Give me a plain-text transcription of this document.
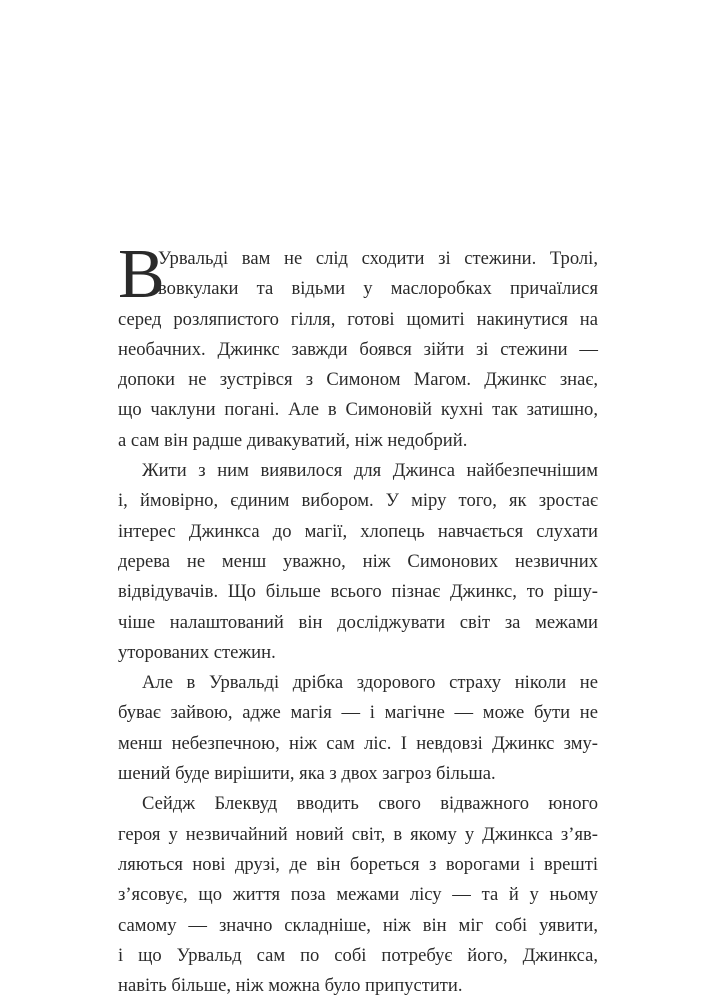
В
Урвальді вам не слід сходити зі стежини. Тролі,
вовкулаки та відьми у маслоробках причаїлися
серед розляпистого гілля, готові щомиті накинутися на
необачних. Джинкс завжди боявся зійти зі стежини —
допоки не зустрівся з Симоном Магом. Джинкс знає,
що чаклуни погані. Але в Симоновій кухні так затишно,
а сам він радше дивакуватий, ніж недобрий.
Жити з ним виявилося для Джинса найбезпечнішим
і, ймовірно, єдиним вибором. У міру того, як зростає
інтерес Джинкса до магії, хлопець навчається слухати
дерева не менш уважно, ніж Симонових незвичних
відвідувачів. Що більше всього пізнає Джинкс, то рішу-
чіше налаштований він досліджувати світ за межами
уторованих стежин.
Але в Урвальді дрібка здорового страху ніколи не
буває зайвою, адже магія — і магічне — може бути не
менш небезпечною, ніж сам ліс. І невдовзі Джинкс змy-
шений буде вирішити, яка з двох загроз більша.
Сейдж Блеквуд вводить свого відважного юного
героя у незвичайний новий світ, в якому у Джинкса з’яв-
ляються нові друзі, де він бореться з ворогами і врешті
з’ясовує, що життя поза межами лісу — та й у ньому
самому — значно складніше, ніж він міг собі уявити,
і що Урвальд сам по собі потребує його, Джинкса,
навіть більше, ніж можна було припустити.
